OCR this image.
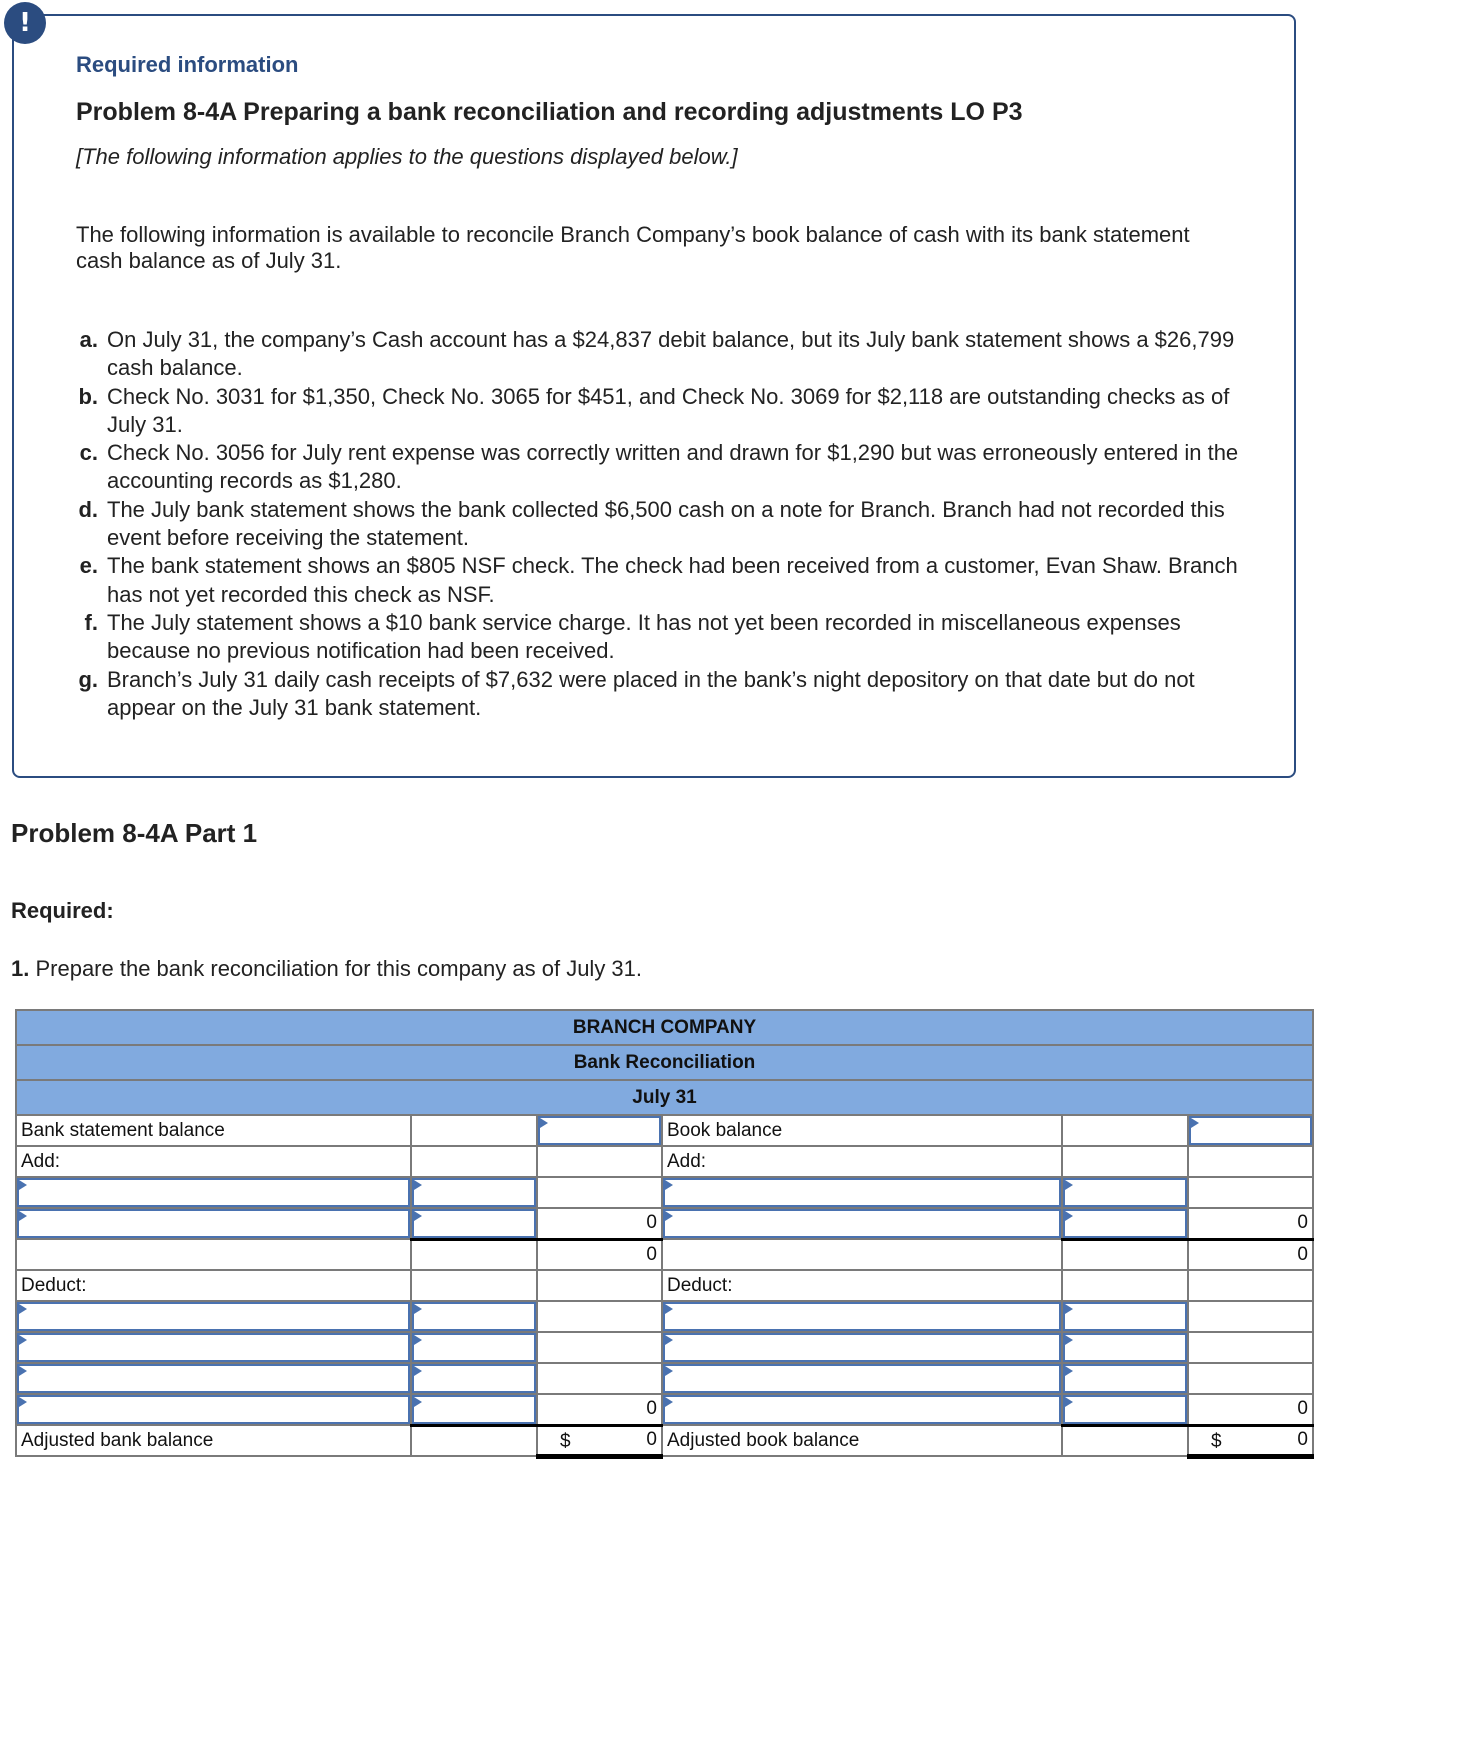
!
Required information
Problem 8-4A Preparing a bank reconciliation and recording adjustments LO P3
[The following information applies to the questions displayed below.]
The following information is available to reconcile Branch Company’s book balance of cash with its bank statement cash balance as of July 31.
a. On July 31, the company’s Cash account has a $24,837 debit balance, but its July bank statement shows a $26,799 cash balance.
b. Check No. 3031 for $1,350, Check No. 3065 for $451, and Check No. 3069 for $2,118 are outstanding checks as of July 31.
c. Check No. 3056 for July rent expense was correctly written and drawn for $1,290 but was erroneously entered in the accounting records as $1,280.
d. The July bank statement shows the bank collected $6,500 cash on a note for Branch. Branch had not recorded this event before receiving the statement.
e. The bank statement shows an $805 NSF check. The check had been received from a customer, Evan Shaw. Branch has not yet recorded this check as NSF.
f. The July statement shows a $10 bank service charge. It has not yet been recorded in miscellaneous expenses because no previous notification had been received.
g. Branch’s July 31 daily cash receipts of $7,632 were placed in the bank’s night depository on that date but do not appear on the July 31 bank statement.
Problem 8-4A Part 1
Required:
1. Prepare the bank reconciliation for this company as of July 31.
BRANCH COMPANY					
Bank Reconciliation					
July 31					
Bank statement balance			Book balance		
Add:			Add:		

		0			0
		0			0
Deduct:			Deduct:		

		0			0
Adjusted bank balance		$ 0	Adjusted book balance		$ 0
